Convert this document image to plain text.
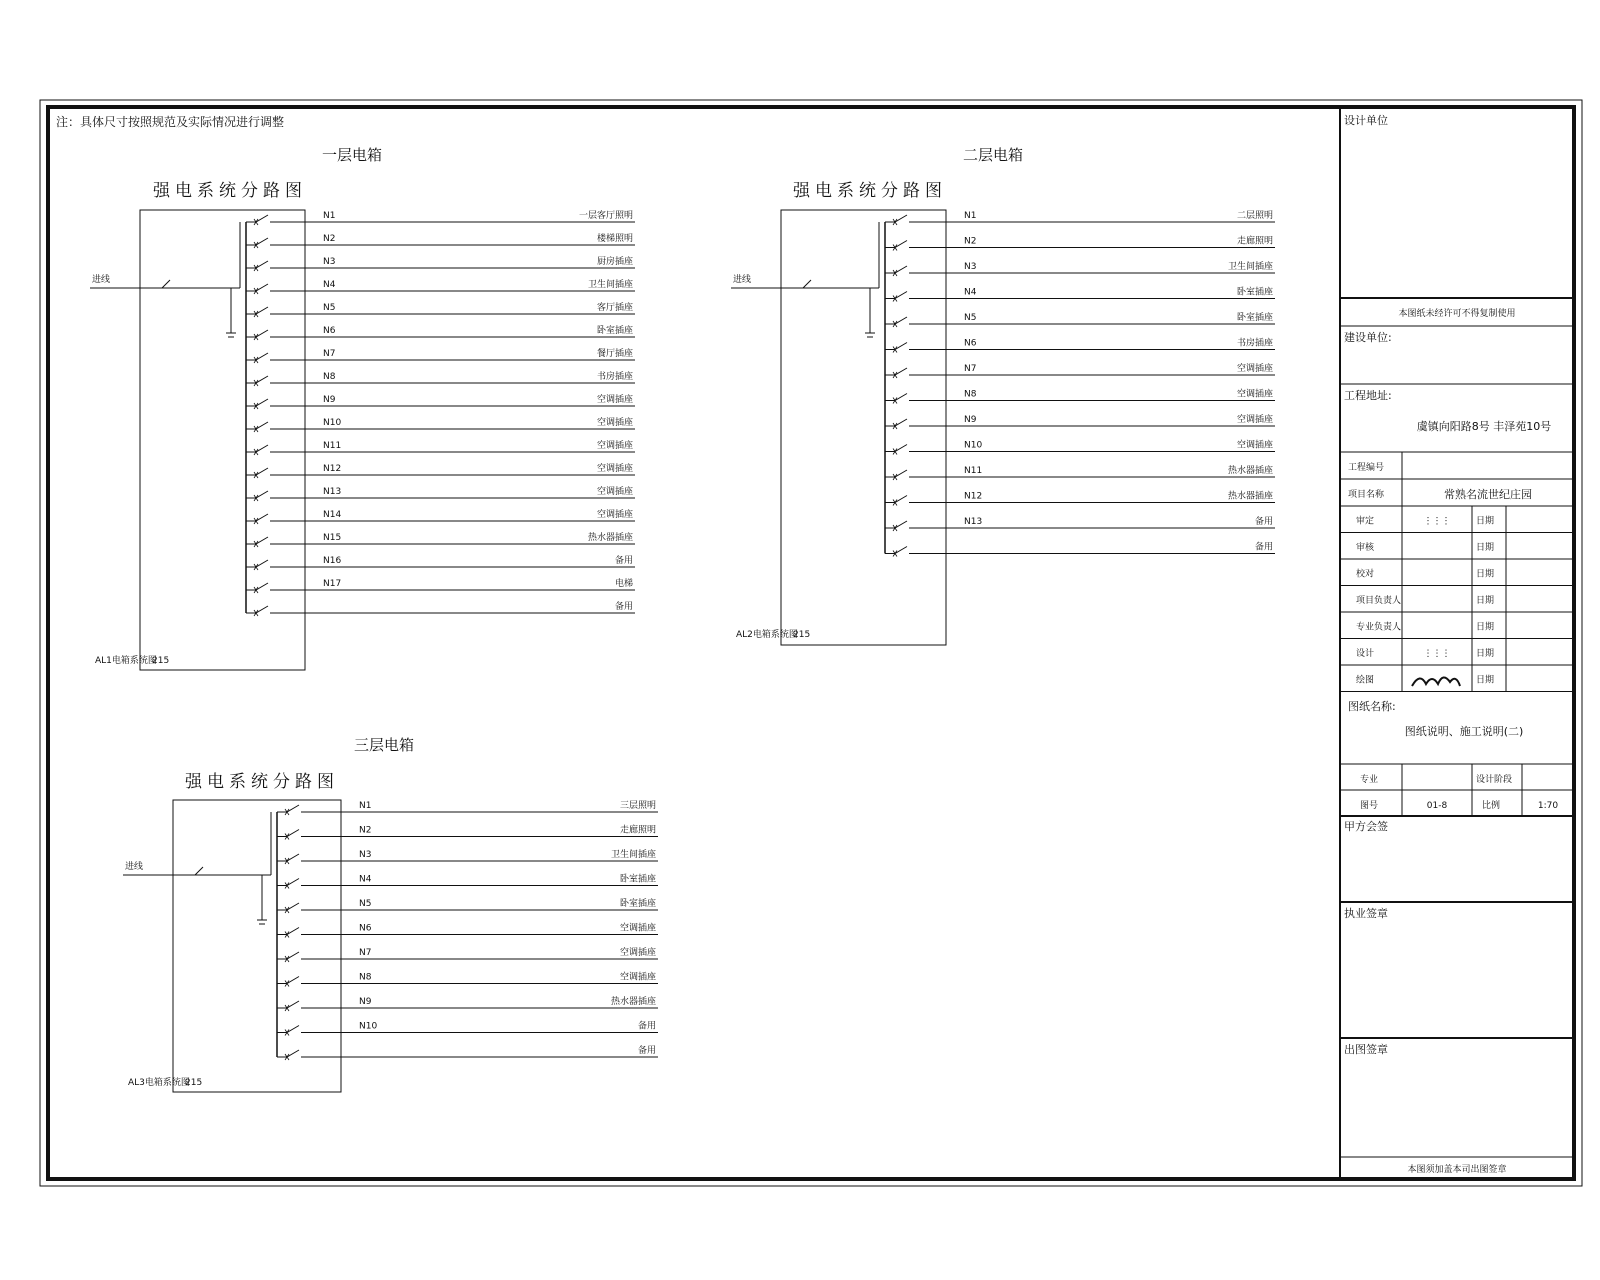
注：具体尺寸按照规范及实际情况进行调整
一层电箱
强电系统分路图
进线
N1	一层客厅照明
N2	楼梯照明
N3	厨房插座
N4	卫生间插座
N5	客厅插座
N6	卧室插座
N7	餐厅插座
N8	书房插座
N9	空调插座
N10	空调插座
N11	空调插座
N12	空调插座
N13	空调插座
N14	空调插座
N15	热水器插座
N16	备用
N17	电梯
备用
AL1电箱系统图
215
二层电箱
强电系统分路图
进线
N1	二层照明
N2	走廊照明
N3	卫生间插座
N4	卧室插座
N5	卧室插座
N6	书房插座
N7	空调插座
N8	空调插座
N9	空调插座
N10	空调插座
N11	热水器插座
N12	热水器插座
N13	备用
备用
AL2电箱系统图
215
三层电箱
强电系统分路图
进线
N1	三层照明
N2	走廊照明
N3	卫生间插座
N4	卧室插座
N5	卧室插座
N6	空调插座
N7	空调插座
N8	空调插座
N9	热水器插座
N10	备用
备用
AL3电箱系统图
215
设计单位
本图纸未经许可不得复制使用
建设单位:
工程地址:
虞镇向阳路8号 丰泽苑10号
工程编号
项目名称	常熟名流世纪庄园
审定	⋮⋮⋮	日期
审核	日期
校对	日期
项目负责人	日期
专业负责人	日期
设计	⋮⋮⋮	日期
绘图	日期
图纸名称:
图纸说明、施工说明(二)
专业	设计阶段
图号	01-8	比例	1:70
甲方会签
执业签章
出图签章
本图须加盖本司出图签章
